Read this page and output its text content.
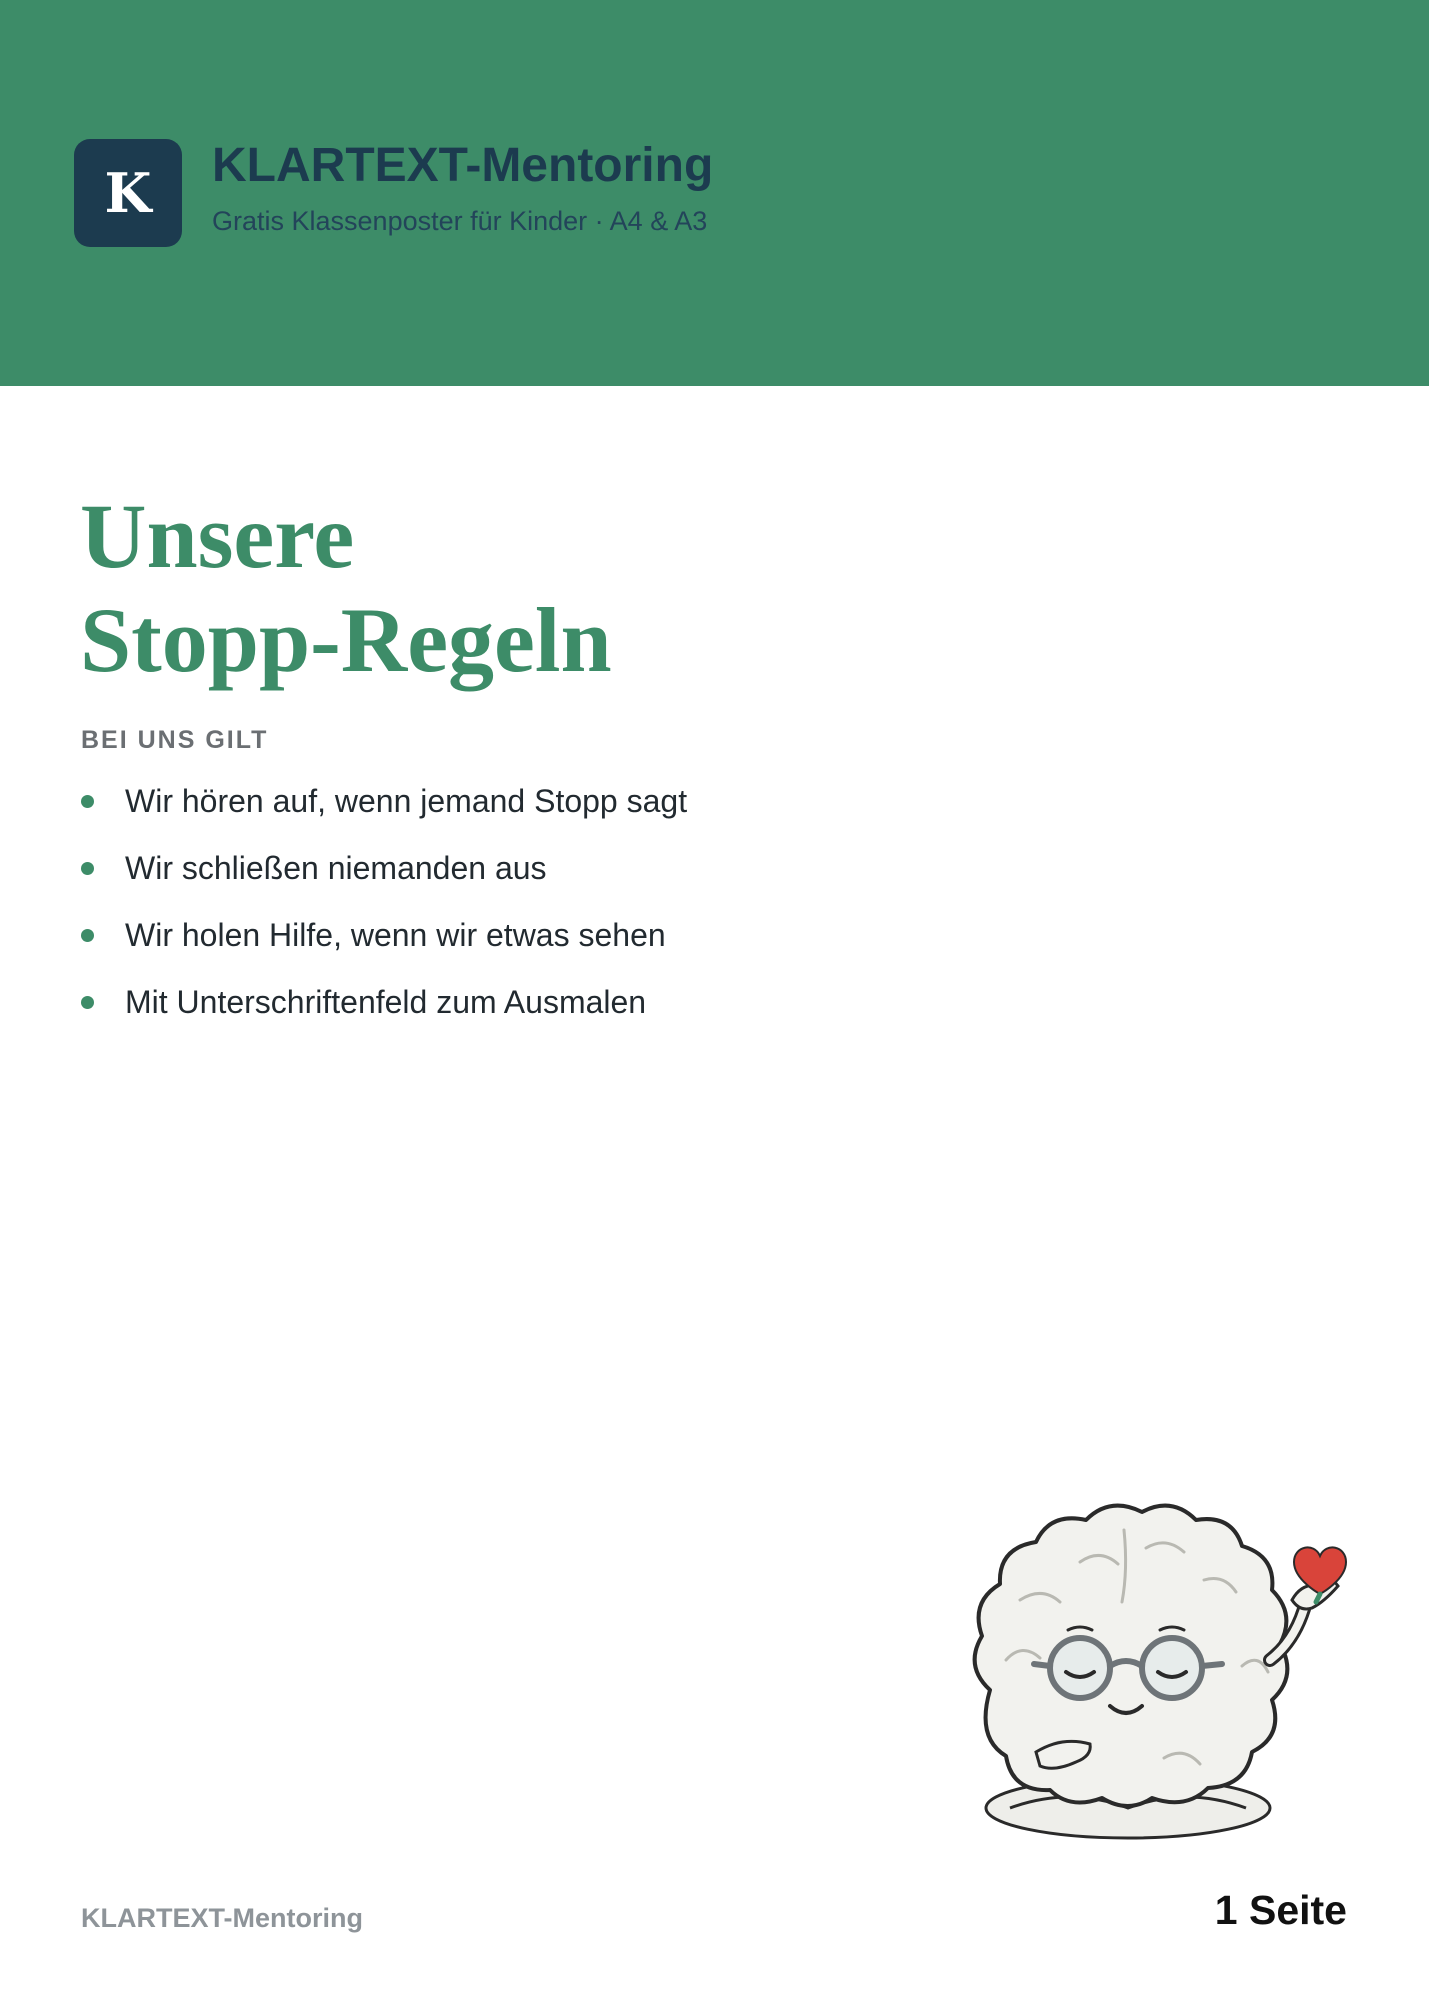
K KLARTEXT-Mentoring
Gratis Klassenposter für Kinder · A4 & A3
Unsere
Stopp-Regeln
BEI UNS GILT
Wir hören auf, wenn jemand Stopp sagt
Wir schließen niemanden aus
Wir holen Hilfe, wenn wir etwas sehen
Mit Unterschriftenfeld zum Ausmalen
KLARTEXT-Mentoring	1 Seite
